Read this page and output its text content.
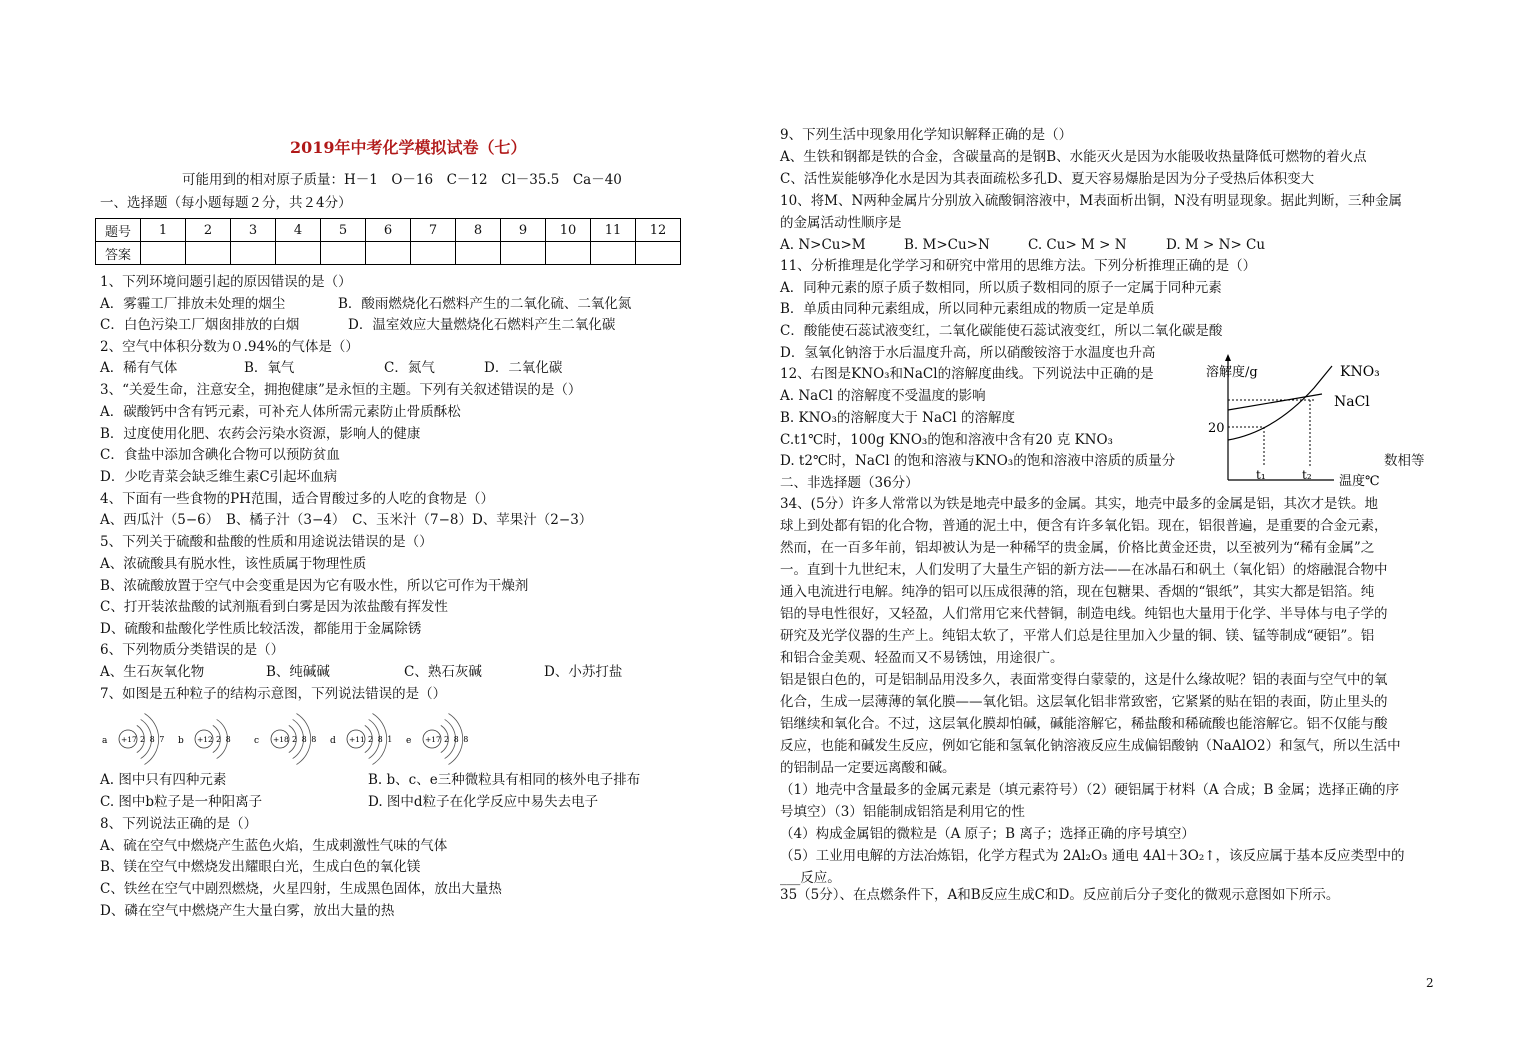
2019年中考化学模拟试卷（七）
可能用到的相对原子质量：H－1　O－16　C－12　Cl－35.5　Ca－40
一、选择题（每小题每题２分，共２4分）
题号	1	2	3	4	5	6	7	8	9	10	11	12
答案												
1、下列环境问题引起的原因错误的是（）
A．雾霾工厂排放未处理的烟尘	B．酸雨燃烧化石燃料产生的二氧化硫、二氧化氮
C．白色污染工厂烟囱排放的白烟	D．温室效应大量燃烧化石燃料产生二氧化碳
2、空气中体积分数为０.94%的气体是（）
A．稀有气体	B．氧气	C．氮气	D．二氧化碳
3、“关爱生命，注意安全，拥抱健康”是永恒的主题。下列有关叙述错误的是（）
A．碳酸钙中含有钙元素，可补充人体所需元素防止骨质酥松
B．过度使用化肥、农药会污染水资源，影响人的健康
C．食盐中添加含碘化合物可以预防贫血
D．少吃青菜会缺乏维生素C引起坏血病
4、下面有一些食物的PH范围，适合胃酸过多的人吃的食物是（）
A、西瓜汁（5−6）　B、橘子汁（3−4）　C、玉米汁（7−8）D、苹果汁（2−3）
5、下列关于硫酸和盐酸的性质和用途说法错误的是（）
A、浓硫酸具有脱水性，该性质属于物理性质
B、浓硫酸放置于空气中会变重是因为它有吸水性，所以它可作为干燥剂
C、打开装浓盐酸的试剂瓶看到白雾是因为浓盐酸有挥发性
D、硫酸和盐酸化学性质比较活泼，都能用于金属除锈
6、下列物质分类错误的是（）
A、生石灰氧化物	B、纯碱碱	C、熟石灰碱	D、小苏打盐
7、如图是五种粒子的结构示意图，下列说法错误的是（）
a +17 2 8 7 b +12 2 8 c +18 2 8 8 d +11 2 8 1 e +17 2 8 8
A. 图中只有四种元素	B. b、c、e三种微粒具有相同的核外电子排布
C. 图中b粒子是一种阳离子	D. 图中d粒子在化学反应中易失去电子
8、下列说法正确的是（）
A、硫在空气中燃烧产生蓝色火焰，生成刺激性气味的气体
B、镁在空气中燃烧发出耀眼白光，生成白色的氧化镁
C、铁丝在空气中剧烈燃烧，火星四射，生成黑色固体，放出大量热
D、磷在空气中燃烧产生大量白雾，放出大量的热
9、下列生活中现象用化学知识解释正确的是（）
A、生铁和钢都是铁的合金，含碳量高的是钢B、水能灭火是因为水能吸收热量降低可燃物的着火点
C、活性炭能够净化水是因为其表面疏松多孔D、夏天容易爆胎是因为分子受热后体积变大
10、将M、N两种金属片分别放入硫酸铜溶液中，M表面析出铜，N没有明显现象。据此判断，三种金属
的金属活动性顺序是
A. N>Cu>M	B. M>Cu>N	C. Cu> M > N	D. M > N> Cu
11、分析推理是化学学习和研究中常用的思维方法。下列分析推理正确的是（）
A．同种元素的原子质子数相同，所以质子数相同的原子一定属于同种元素
B．单质由同种元素组成，所以同种元素组成的物质一定是单质
C．酸能使石蕊试液变红，二氧化碳能使石蕊试液变红，所以二氧化碳是酸
D．氢氧化钠溶于水后温度升高，所以硝酸铵溶于水温度也升高
12、右图是KNO₃和NaCl的溶解度曲线。下列说法中正确的是
A. NaCl 的溶解度不受温度的影响
B. KNO₃的溶解度大于 NaCl 的溶解度
C.t1℃时，100g KNO₃的饱和溶液中含有20 克 KNO₃
D. t2℃时，NaCl 的饱和溶液与KNO₃的饱和溶液中溶质的质量分	数相等
溶解度/g
温度℃
20
t₁	t₂
KNO₃
NaCl
二、非选择题（36分）
34、(5分）许多人常常以为铁是地壳中最多的金属。其实，地壳中最多的金属是铝，其次才是铁。地
球上到处都有铝的化合物，普通的泥土中，便含有许多氧化铝。现在，铝很普遍，是重要的合金元素，
然而，在一百多年前，铝却被认为是一种稀罕的贵金属，价格比黄金还贵，以至被列为“稀有金属”之
一。直到十九世纪末，人们发明了大量生产铝的新方法——在冰晶石和矾土（氧化铝）的熔融混合物中
通入电流进行电解。纯净的铝可以压成很薄的箔，现在包糖果、香烟的“银纸”，其实大都是铝箔。纯
铝的导电性很好，又轻盈，人们常用它来代替铜，制造电线。纯铝也大量用于化学、半导体与电子学的
研究及光学仪器的生产上。纯铝太软了，平常人们总是往里加入少量的铜、镁、锰等制成“硬铝”。铝
和铝合金美观、轻盈而又不易锈蚀，用途很广。
铝是银白色的，可是铝制品用没多久，表面常变得白蒙蒙的，这是什么缘故呢？铝的表面与空气中的氧
化合，生成一层薄薄的氧化膜——氧化铝。这层氧化铝非常致密，它紧紧的贴在铝的表面，防止里头的
铝继续和氧化合。不过，这层氧化膜却怕碱，碱能溶解它，稀盐酸和稀硫酸也能溶解它。铝不仅能与酸
反应，也能和碱发生反应，例如它能和氢氧化钠溶液反应生成偏铝酸钠（NaAlO2）和氢气，所以生活中
的铝制品一定要远离酸和碱。
（1）地壳中含量最多的金属元素是（填元素符号）（2）硬铝属于材料（A 合成；B 金属；选择正确的序
号填空）（3）铝能制成铝箔是利用它的性
（4）构成金属铝的微粒是（A 原子；B 离子；选择正确的序号填空）
（5）工业用电解的方法冶炼铝，化学方程式为 2Al₂O₃ 通电 4Al＋3O₂↑，该反应属于基本反应类型中的
___反应。
35（5分）、在点燃条件下，A和B反应生成C和D。反应前后分子变化的微观示意图如下所示。
2
